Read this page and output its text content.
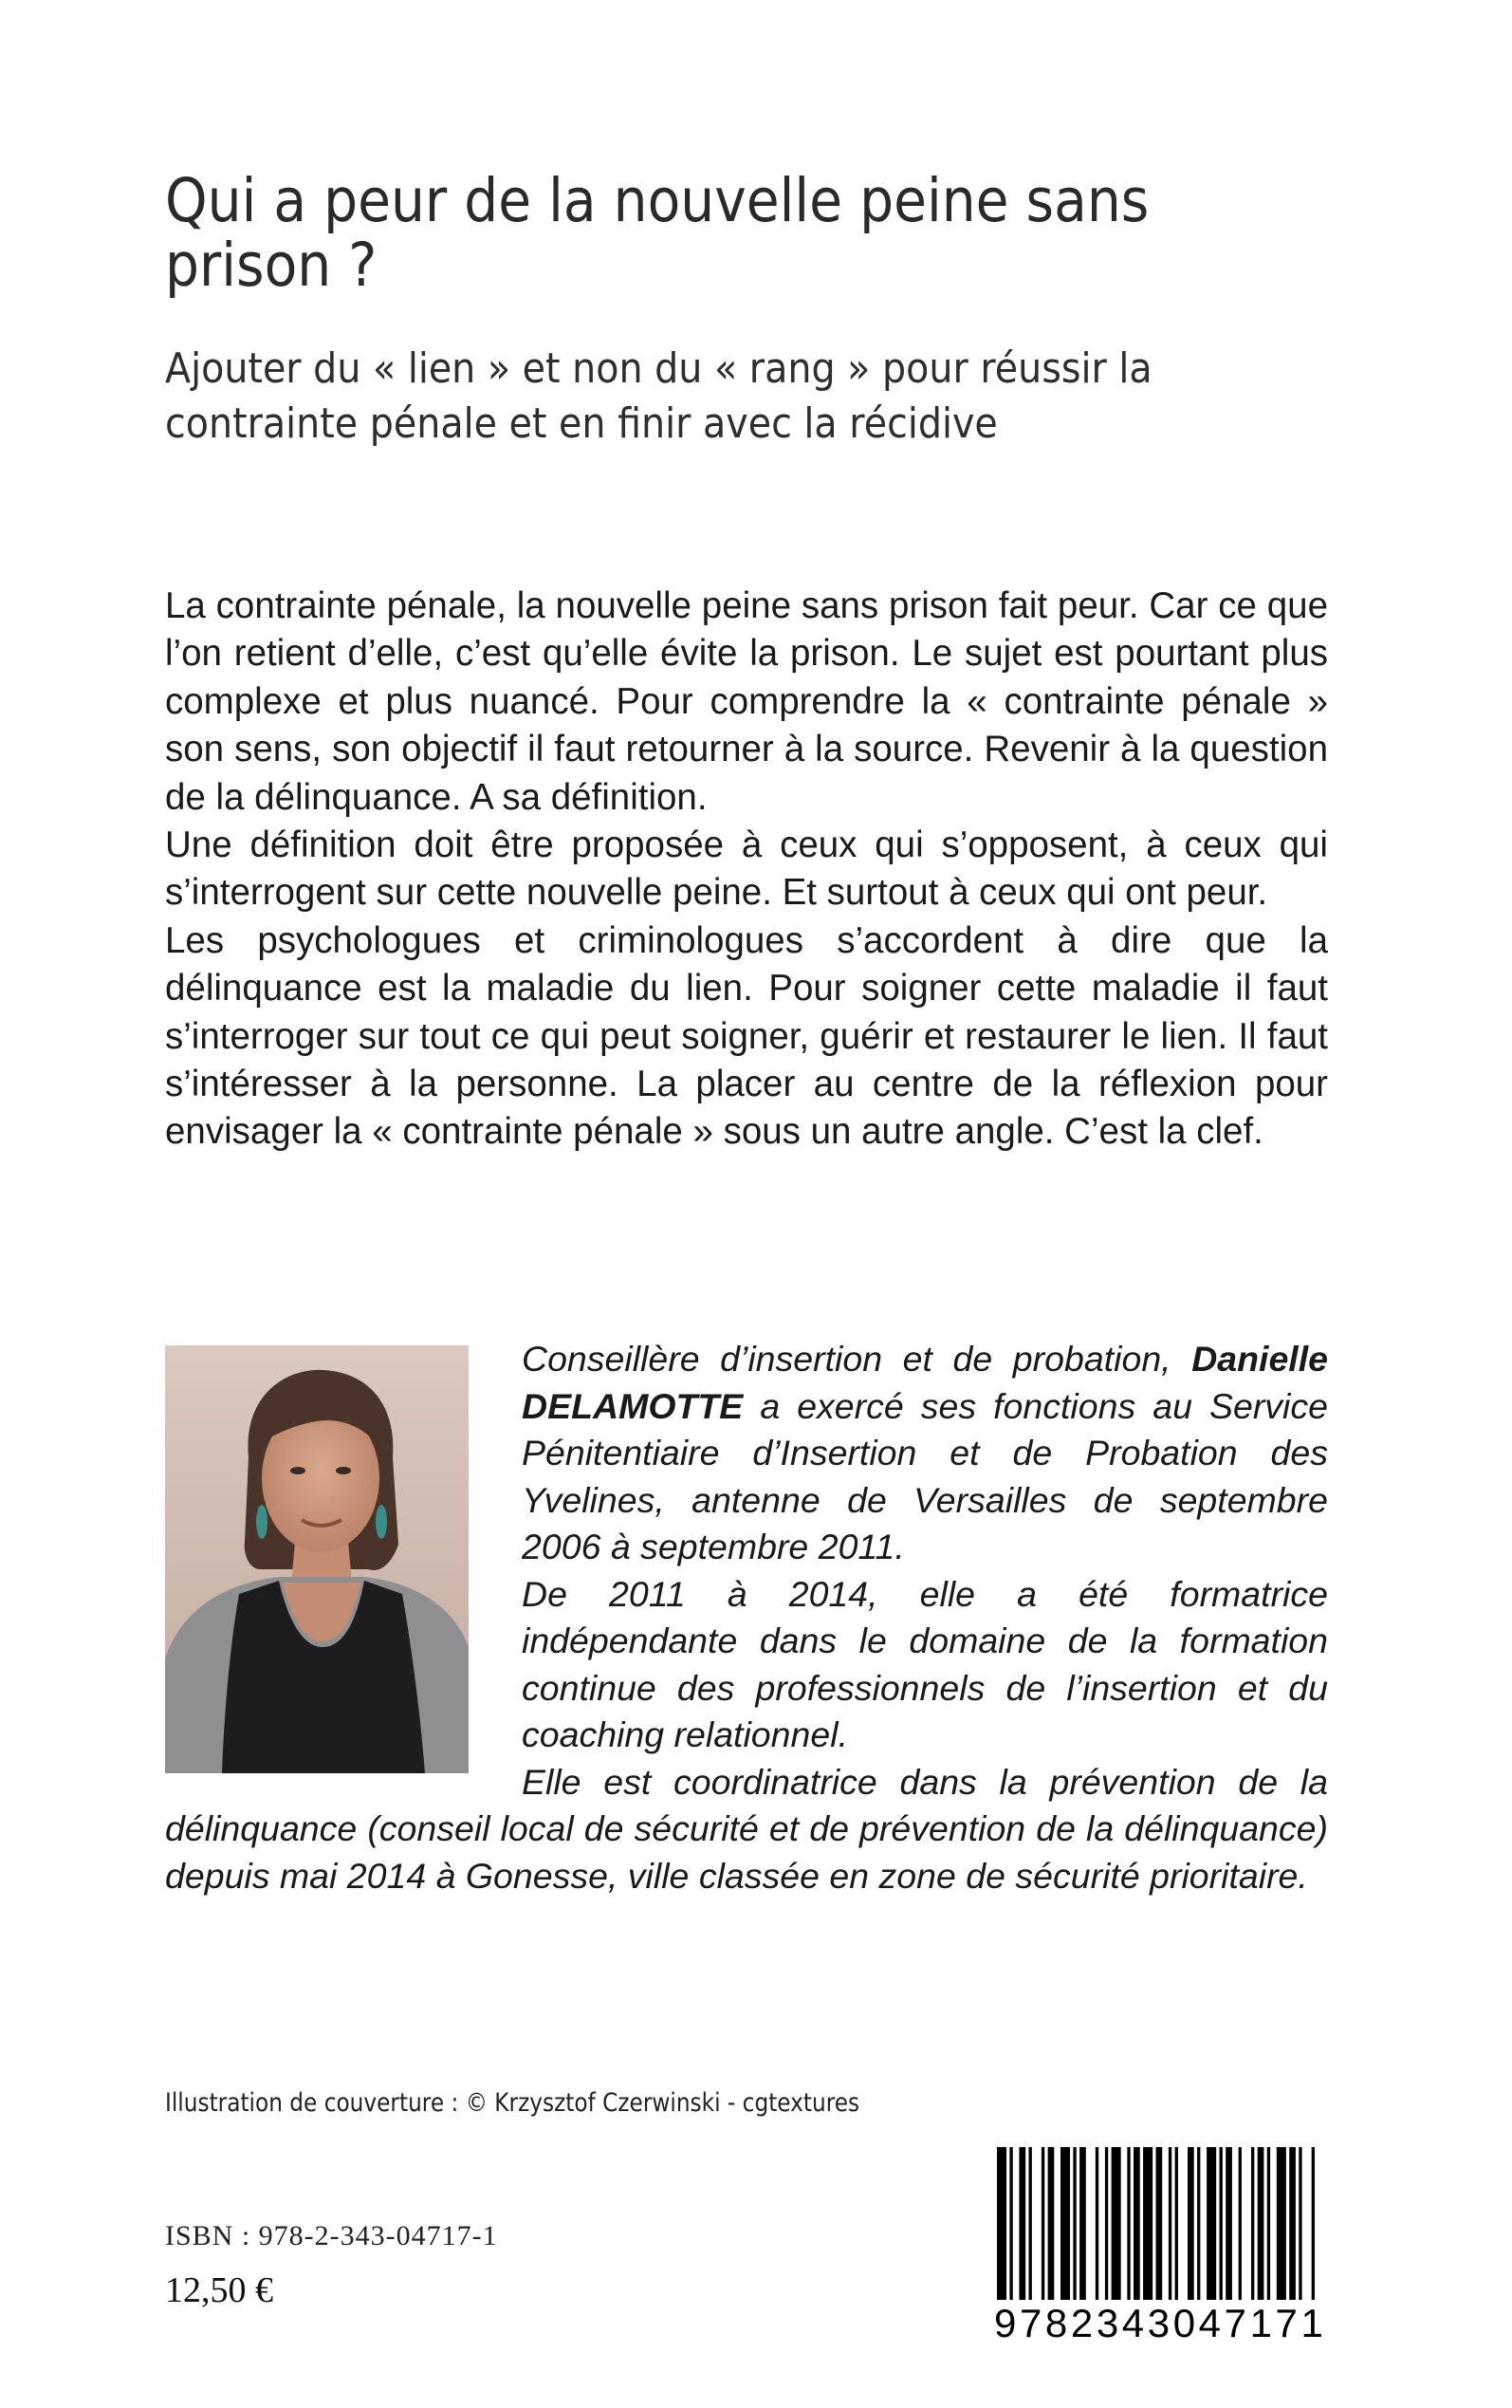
Qui a peur de la nouvelle peine sans prison ?
Ajouter du « lien » et non du « rang » pour réussir la contrainte pénale et en finir avec la récidive

La contrainte pénale, la nouvelle peine sans prison fait peur. Car ce que l’on retient d’elle, c’est qu’elle évite la prison. Le sujet est pourtant plus complexe et plus nuancé. Pour comprendre la « contrainte pénale » son sens, son objectif il faut retourner à la source. Revenir à la question de la délinquance. A sa définition.

Une définition doit être proposée à ceux qui s’opposent, à ceux qui s’interrogent sur cette nouvelle peine. Et surtout à ceux qui ont peur.

Les psychologues et criminologues s’accordent à dire que la délinquance est la maladie du lien. Pour soigner cette maladie il faut s’interroger sur tout ce qui peut soigner, guérir et restaurer le lien. Il faut s’intéresser à la personne. La placer au centre de la réflexion pour envisager la « contrainte pénale » sous un autre angle. C’est la clef.

Conseillère d’insertion et de probation, Danielle DELAMOTTE a exercé ses fonctions au Service Pénitentiaire d’Insertion et de Probation des Yvelines, antenne de Versailles de septembre 2006 à septembre 2011.

De 2011 à 2014, elle a été formatrice indépendante dans le domaine de la formation continue des professionnels de l’insertion et du coaching relationnel.

Elle est coordinatrice dans la prévention de la délinquance (conseil local de sécurité et de prévention de la délinquance) depuis mai 2014 à Gonesse, ville classée en zone de sécurité prioritaire.

Illustration de couverture : © Krzysztof Czerwinski - cgtextures
ISBN : 978-2-343-04717-1
12,50 €
9782343047171
